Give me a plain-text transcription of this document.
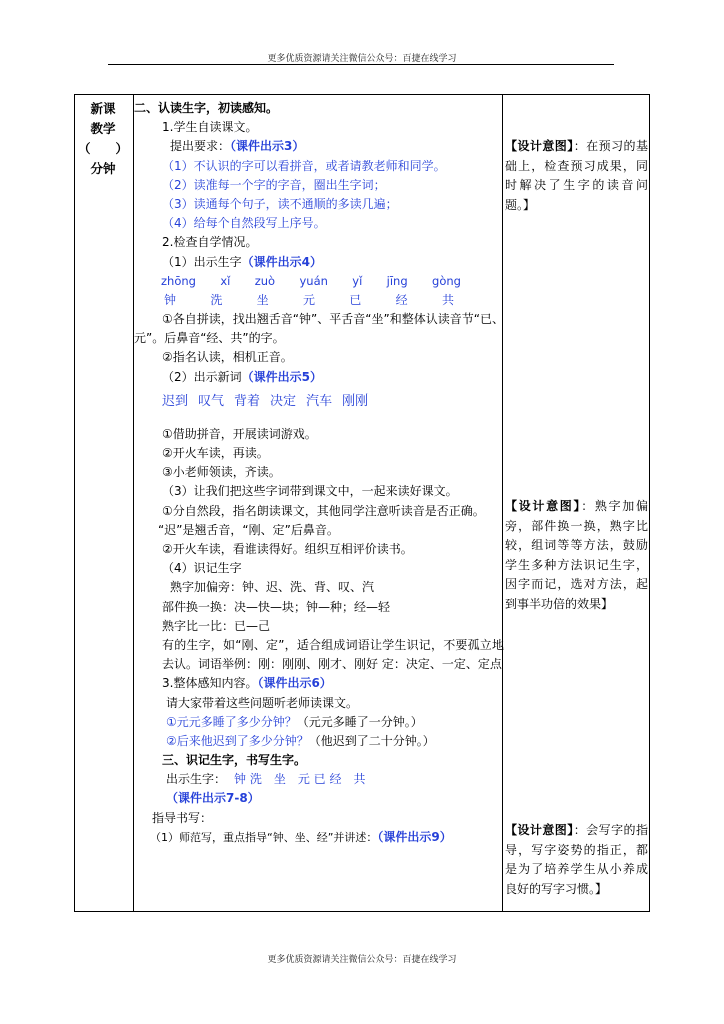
更多优质资源请关注微信公众号：百捷在线学习
新课
教学
（　　）
分钟
二、认读生字，初读感知。
1.学生自读课文。
提出要求：（课件出示3）
（1）不认识的字可以看拼音，或者请教老师和同学。
（2）读准每一个字的字音，圈出生字词；
（3）读通每个句子，读不通顺的多读几遍；
（4）给每个自然段写上序号。
2.检查自学情况。
（1）出示生字（课件出示4）
zhōng xǐ zuò yuán yǐ jīng gòng
钟	洗	坐	元	已	经	共
①各自拼读，找出翘舌音“钟”、平舌音“坐”和整体认读音节“已、元”。后鼻音“经、共”的字。
②指名认读，相机正音。
（2）出示新词（课件出示5）
迟到 叹气 背着 决定 汽车 刚刚
①借助拼音，开展读词游戏。
②开火车读，再读。
③小老师领读，齐读。
（3）让我们把这些字词带到课文中，一起来读好课文。
①分自然段，指名朗读课文，其他同学注意听读音是否正确。
“迟”是翘舌音，“刚、定”后鼻音。
②开火车读，看谁读得好。组织互相评价读书。
（4）识记生字
熟字加偏旁：钟、迟、洗、背、叹、汽
部件换一换：决—快—块；钟—种；经—轻
熟字比一比：已—己
有的生字，如“刚、定”，适合组成词语让学生识记，不要孤立地去认。词语举例：刚：刚刚、刚才、刚好 定：决定、一定、定点
3.整体感知内容。（课件出示6）
请大家带着这些问题听老师读课文。
①元元多睡了多少分钟？（元元多睡了一分钟。）
②后来他迟到了多少分钟？（他迟到了二十分钟。）
三、识记生字，书写生字。
出示生字： 钟 洗　坐　元 已 经　共
（课件出示7-8）
指导书写：
（1）师范写，重点指导“钟、坐、经”并讲述：（课件出示9）
【设计意图】：在预习的基础上，检查预习成果，同时解决了生字的读音问题。】
【设计意图】：熟字加偏旁，部件换一换，熟字比较，组词等等方法，鼓励学生多种方法识记生字，因字而记，选对方法，起到事半功倍的效果】
【设计意图】：会写字的指导，写字姿势的指正，都是为了培养学生从小养成良好的写字习惯。】
更多优质资源请关注微信公众号：百捷在线学习
